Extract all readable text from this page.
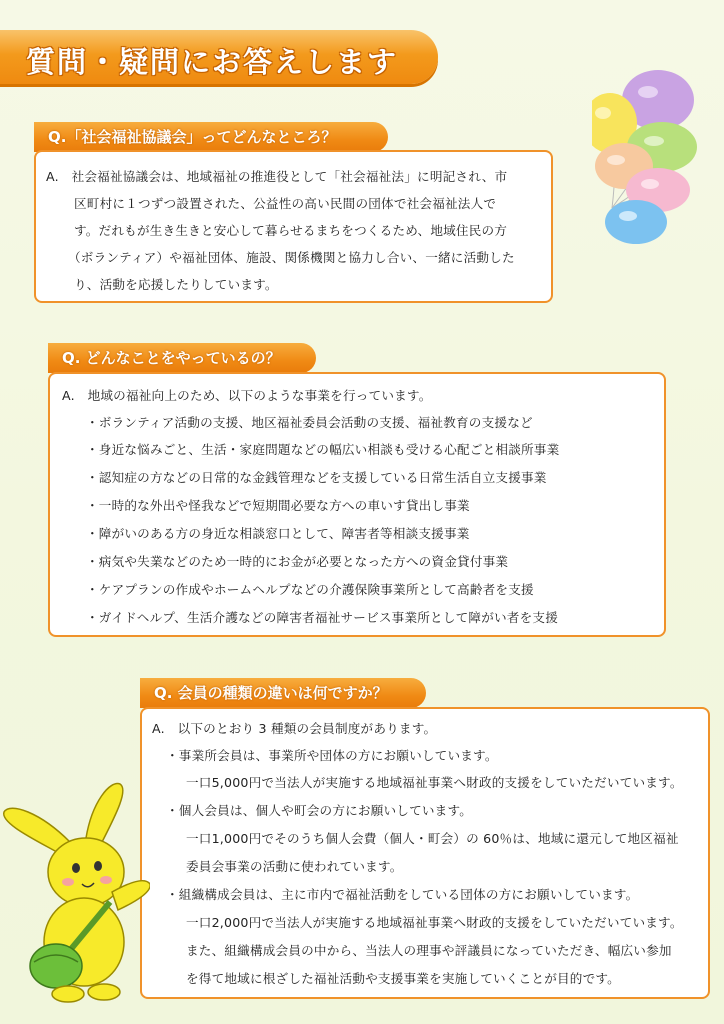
質問・疑問にお答えします
Q.「社会福祉協議会」ってどんなところ？
A.　社会福祉協議会は、地域福祉の推進役として「社会福祉法」に明記され、市
区町村に１つずつ設置された、公益性の高い民間の団体で社会福祉法人で
す。だれもが生き生きと安心して暮らせるまちをつくるため、地域住民の方
（ボランティア）や福祉団体、施設、関係機関と協力し合い、一緒に活動した
り、活動を応援したりしています。
Q. どんなことをやっているの？
A.　地域の福祉向上のため、以下のような事業を行っています。
・ ボランティア活動の支援、地区福祉委員会活動の支援、福祉教育の支援など
・ 身近な悩みごと、生活・家庭問題などの幅広い相談も受ける心配ごと相談所事業
・ 認知症の方などの日常的な金銭管理などを支援している日常生活自立支援事業
・ 一時的な外出や怪我などで短期間必要な方への車いす貸出し事業
・ 障がいのある方の身近な相談窓口として、障害者等相談支援事業
・ 病気や失業などのため一時的にお金が必要となった方への資金貸付事業
・ ケアプランの作成やホームヘルプなどの介護保険事業所として高齢者を支援
・ ガイドヘルプ、生活介護などの障害者福祉サービス事業所として障がい者を支援
Q. 会員の種類の違いは何ですか？
A.　以下のとおり 3 種類の会員制度があります。
・ 事業所会員は、事業所や団体の方にお願いしています。
一口5,000円で当法人が実施する地域福祉事業へ財政的支援をしていただいています。
・ 個人会員は、個人や町会の方にお願いしています。
一口1,000円でそのうち個人会費（個人・町会）の 60％は、地域に還元して地区福祉
委員会事業の活動に使われています。
・ 組織構成会員は、主に市内で福祉活動をしている団体の方にお願いしています。
一口2,000円で当法人が実施する地域福祉事業へ財政的支援をしていただいています。
また、組織構成会員の中から、当法人の理事や評議員になっていただき、幅広い参加
を得て地域に根ざした福祉活動や支援事業を実施していくことが目的です。
